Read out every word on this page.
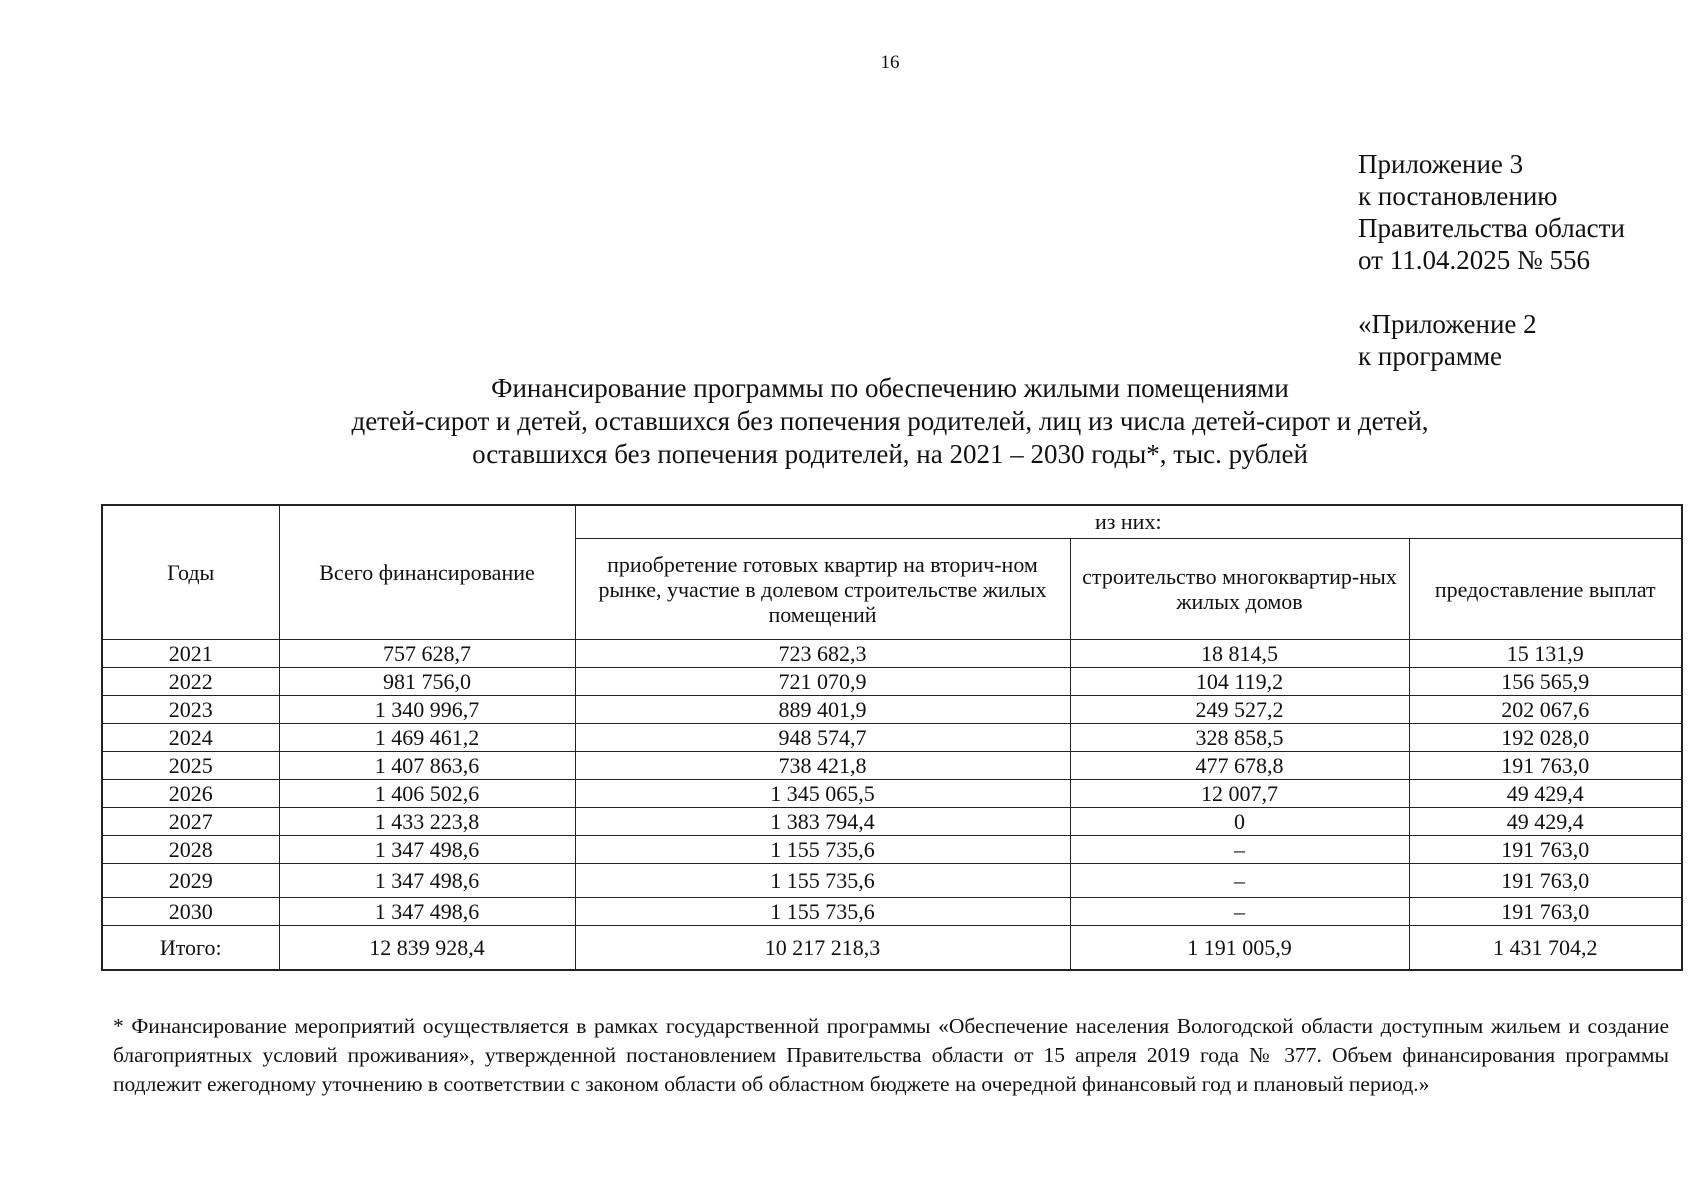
16
Приложение 3
к постановлению
Правительства области
от 11.04.2025 № 556
«Приложение 2
к программе
Финансирование программы по обеспечению жилыми помещениями
детей-сирот и детей, оставшихся без попечения родителей, лиц из числа детей-сирот и детей,
оставшихся без попечения родителей, на 2021 – 2030 годы*, тыс. рублей
Годы	Всего финансирование	из них:		
		приобретение готовых квартир на вторич-ном рынке, участие в долевом строительстве жилых помещений	строительство многоквартир-ных жилых домов	предоставление выплат
2021	757 628,7	723 682,3	18 814,5	15 131,9
2022	981 756,0	721 070,9	104 119,2	156 565,9
2023	1 340 996,7	889 401,9	249 527,2	202 067,6
2024	1 469 461,2	948 574,7	328 858,5	192 028,0
2025	1 407 863,6	738 421,8	477 678,8	191 763,0
2026	1 406 502,6	1 345 065,5	12 007,7	49 429,4
2027	1 433 223,8	1 383 794,4	0	49 429,4
2028	1 347 498,6	1 155 735,6	–	191 763,0
2029	1 347 498,6	1 155 735,6	–	191 763,0
2030	1 347 498,6	1 155 735,6	–	191 763,0
Итого:	12 839 928,4	10 217 218,3	1 191 005,9	1 431 704,2
* Финансирование мероприятий осуществляется в рамках государственной программы «Обеспечение населения Вологодской области доступным жильем и создание благоприятных условий проживания», утвержденной постановлением Правительства области от 15 апреля 2019 года № 377. Объем финансирования программы подлежит ежегодному уточнению в соответствии с законом области об областном бюджете на очередной финансовый год и плановый период.»
